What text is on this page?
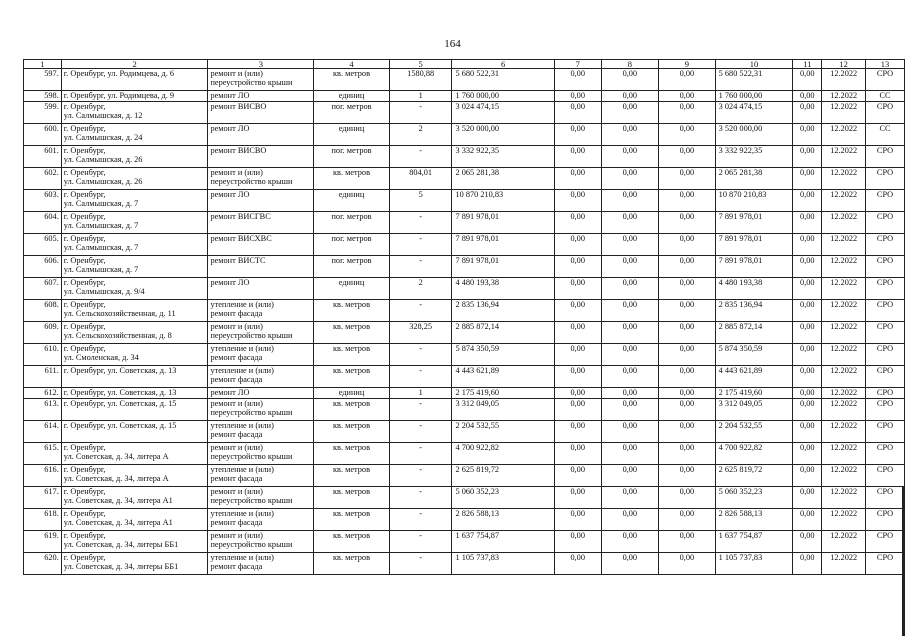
164
1	2	3	4	5	6	7	8	9	10	11	12	13
597.	г. Оренбург, ул. Родимцева, д. 6	ремонт и (или)
переустройство крыши	кв. метров	1580,88	5 680 522,31	0,00	0,00	0,00	5 680 522,31	0,00	12.2022	СРО
598.	г. Оренбург, ул. Родимцева, д. 9	ремонт ЛО	единиц	1	1 760 000,00	0,00	0,00	0,00	1 760 000,00	0,00	12.2022	СС
599.	г. Оренбург,
ул. Салмышская, д. 12	ремонт ВИСВО	пог. метров	-	3 024 474,15	0,00	0,00	0,00	3 024 474,15	0,00	12.2022	СРО
600.	г. Оренбург,
ул. Салмышская, д. 24	ремонт ЛО	единиц	2	3 520 000,00	0,00	0,00	0,00	3 520 000,00	0,00	12.2022	СС
601.	г. Оренбург,
ул. Салмышская, д. 26	ремонт ВИСВО	пог. метров	-	3 332 922,35	0,00	0,00	0,00	3 332 922,35	0,00	12.2022	СРО
602.	г. Оренбург,
ул. Салмышская, д. 26	ремонт и (или)
переустройство крыши	кв. метров	804,01	2 065 281,38	0,00	0,00	0,00	2 065 281,38	0,00	12.2022	СРО
603.	г. Оренбург,
ул. Салмышская, д. 7	ремонт ЛО	единиц	5	10 870 210,83	0,00	0,00	0,00	10 870 210,83	0,00	12.2022	СРО
604.	г. Оренбург,
ул. Салмышская, д. 7	ремонт ВИСГВС	пог. метров	-	7 891 978,01	0,00	0,00	0,00	7 891 978,01	0,00	12.2022	СРО
605.	г. Оренбург,
ул. Салмышская, д. 7	ремонт ВИСХВС	пог. метров	-	7 891 978,01	0,00	0,00	0,00	7 891 978,01	0,00	12.2022	СРО
606.	г. Оренбург,
ул. Салмышская, д. 7	ремонт ВИСТС	пог. метров	-	7 891 978,01	0,00	0,00	0,00	7 891 978,01	0,00	12.2022	СРО
607.	г. Оренбург,
ул. Салмышская, д. 9/4	ремонт ЛО	единиц	2	4 480 193,38	0,00	0,00	0,00	4 480 193,38	0,00	12.2022	СРО
608.	г. Оренбург,
ул. Сельскохозяйственная, д. 11	утепление и (или)
ремонт фасада	кв. метров	-	2 835 136,94	0,00	0,00	0,00	2 835 136,94	0,00	12.2022	СРО
609.	г. Оренбург,
ул. Сельскохозяйственная, д. 8	ремонт и (или)
переустройство крыши	кв. метров	328,25	2 885 872,14	0,00	0,00	0,00	2 885 872,14	0,00	12.2022	СРО
610.	г. Оренбург,
ул. Смоленская, д. 34	утепление и (или)
ремонт фасада	кв. метров	-	5 874 350,59	0,00	0,00	0,00	5 874 350,59	0,00	12.2022	СРО
611.	г. Оренбург, ул. Советская, д. 13	утепление и (или)
ремонт фасада	кв. метров	-	4 443 621,89	0,00	0,00	0,00	4 443 621,89	0,00	12.2022	СРО
612.	г. Оренбург, ул. Советская, д. 13	ремонт ЛО	единиц	1	2 175 419,60	0,00	0,00	0,00	2 175 419,60	0,00	12.2022	СРО
613.	г. Оренбург, ул. Советская, д. 15	ремонт и (или)
переустройство крыши	кв. метров	-	3 312 049,05	0,00	0,00	0,00	3 312 049,05	0,00	12.2022	СРО
614.	г. Оренбург, ул. Советская, д. 15	утепление и (или)
ремонт фасада	кв. метров	-	2 204 532,55	0,00	0,00	0,00	2 204 532,55	0,00	12.2022	СРО
615.	г. Оренбург,
ул. Советская, д. 34, литера А	ремонт и (или)
переустройство крыши	кв. метров	-	4 700 922,82	0,00	0,00	0,00	4 700 922,82	0,00	12.2022	СРО
616.	г. Оренбург,
ул. Советская, д. 34, литера А	утепление и (или)
ремонт фасада	кв. метров	-	2 625 819,72	0,00	0,00	0,00	2 625 819,72	0,00	12.2022	СРО
617.	г. Оренбург,
ул. Советская, д. 34, литера А1	ремонт и (или)
переустройство крыши	кв. метров	-	5 060 352,23	0,00	0,00	0,00	5 060 352,23	0,00	12.2022	СРО
618.	г. Оренбург,
ул. Советская, д. 34, литера А1	утепление и (или)
ремонт фасада	кв. метров	-	2 826 588,13	0,00	0,00	0,00	2 826 588,13	0,00	12.2022	СРО
619.	г. Оренбург,
ул. Советская, д. 34, литеры ББ1	ремонт и (или)
переустройство крыши	кв. метров	-	1 637 754,87	0,00	0,00	0,00	1 637 754,87	0,00	12.2022	СРО
620.	г. Оренбург,
ул. Советская, д. 34, литеры ББ1	утепление и (или)
ремонт фасада	кв. метров	-	1 105 737,83	0,00	0,00	0,00	1 105 737,83	0,00	12.2022	СРО
